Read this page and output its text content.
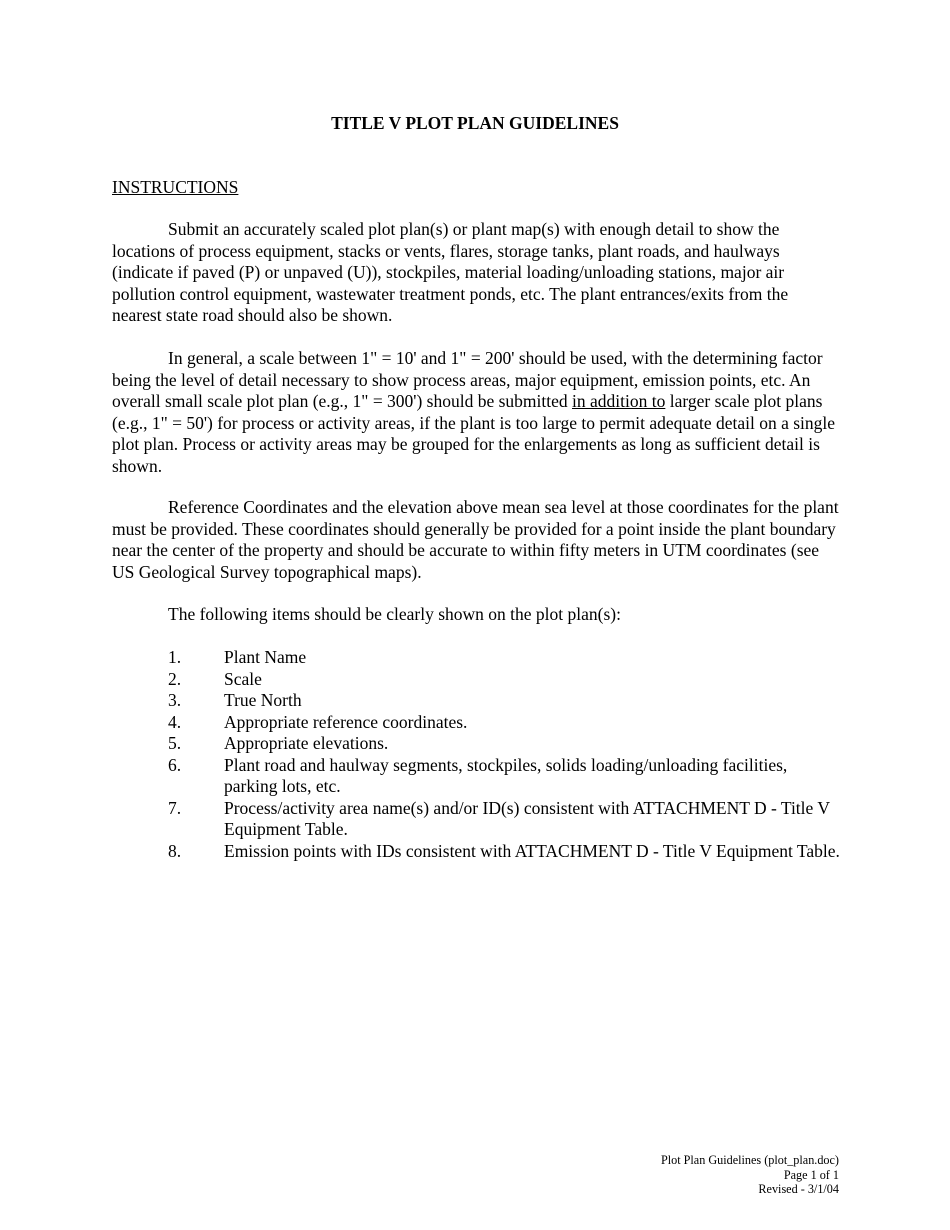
TITLE V PLOT PLAN GUIDELINES
INSTRUCTIONS

Submit an accurately scaled plot plan(s) or plant map(s) with enough detail to show the locations of process equipment, stacks or vents, flares, storage tanks, plant roads, and haulways (indicate if paved (P) or unpaved (U)), stockpiles, material loading/unloading stations, major air pollution control equipment, wastewater treatment ponds, etc. The plant entrances/exits from the nearest state road should also be shown.

In general, a scale between 1" = 10' and 1" = 200' should be used, with the determining factor being the level of detail necessary to show process areas, major equipment, emission points, etc. An overall small scale plot plan (e.g., 1" = 300') should be submitted in addition to larger scale plot plans (e.g., 1" = 50') for process or activity areas, if the plant is too large to permit adequate detail on a single plot plan. Process or activity areas may be grouped for the enlargements as long as sufficient detail is shown.

Reference Coordinates and the elevation above mean sea level at those coordinates for the plant must be provided. These coordinates should generally be provided for a point inside the plant boundary near the center of the property and should be accurate to within fifty meters in UTM coordinates (see US Geological Survey topographical maps).

The following items should be clearly shown on the plot plan(s):

1.	Plant Name
2.	Scale
3.	True North
4.	Appropriate reference coordinates.
5.	Appropriate elevations.
6.	Plant road and haulway segments, stockpiles, solids loading/unloading facilities, parking lots, etc.
7.	Process/activity area name(s) and/or ID(s) consistent with ATTACHMENT D - Title V Equipment Table.
8.	Emission points with IDs consistent with ATTACHMENT D - Title V Equipment Table.
Plot Plan Guidelines (plot_plan.doc)
Page 1 of 1
Revised - 3/1/04
